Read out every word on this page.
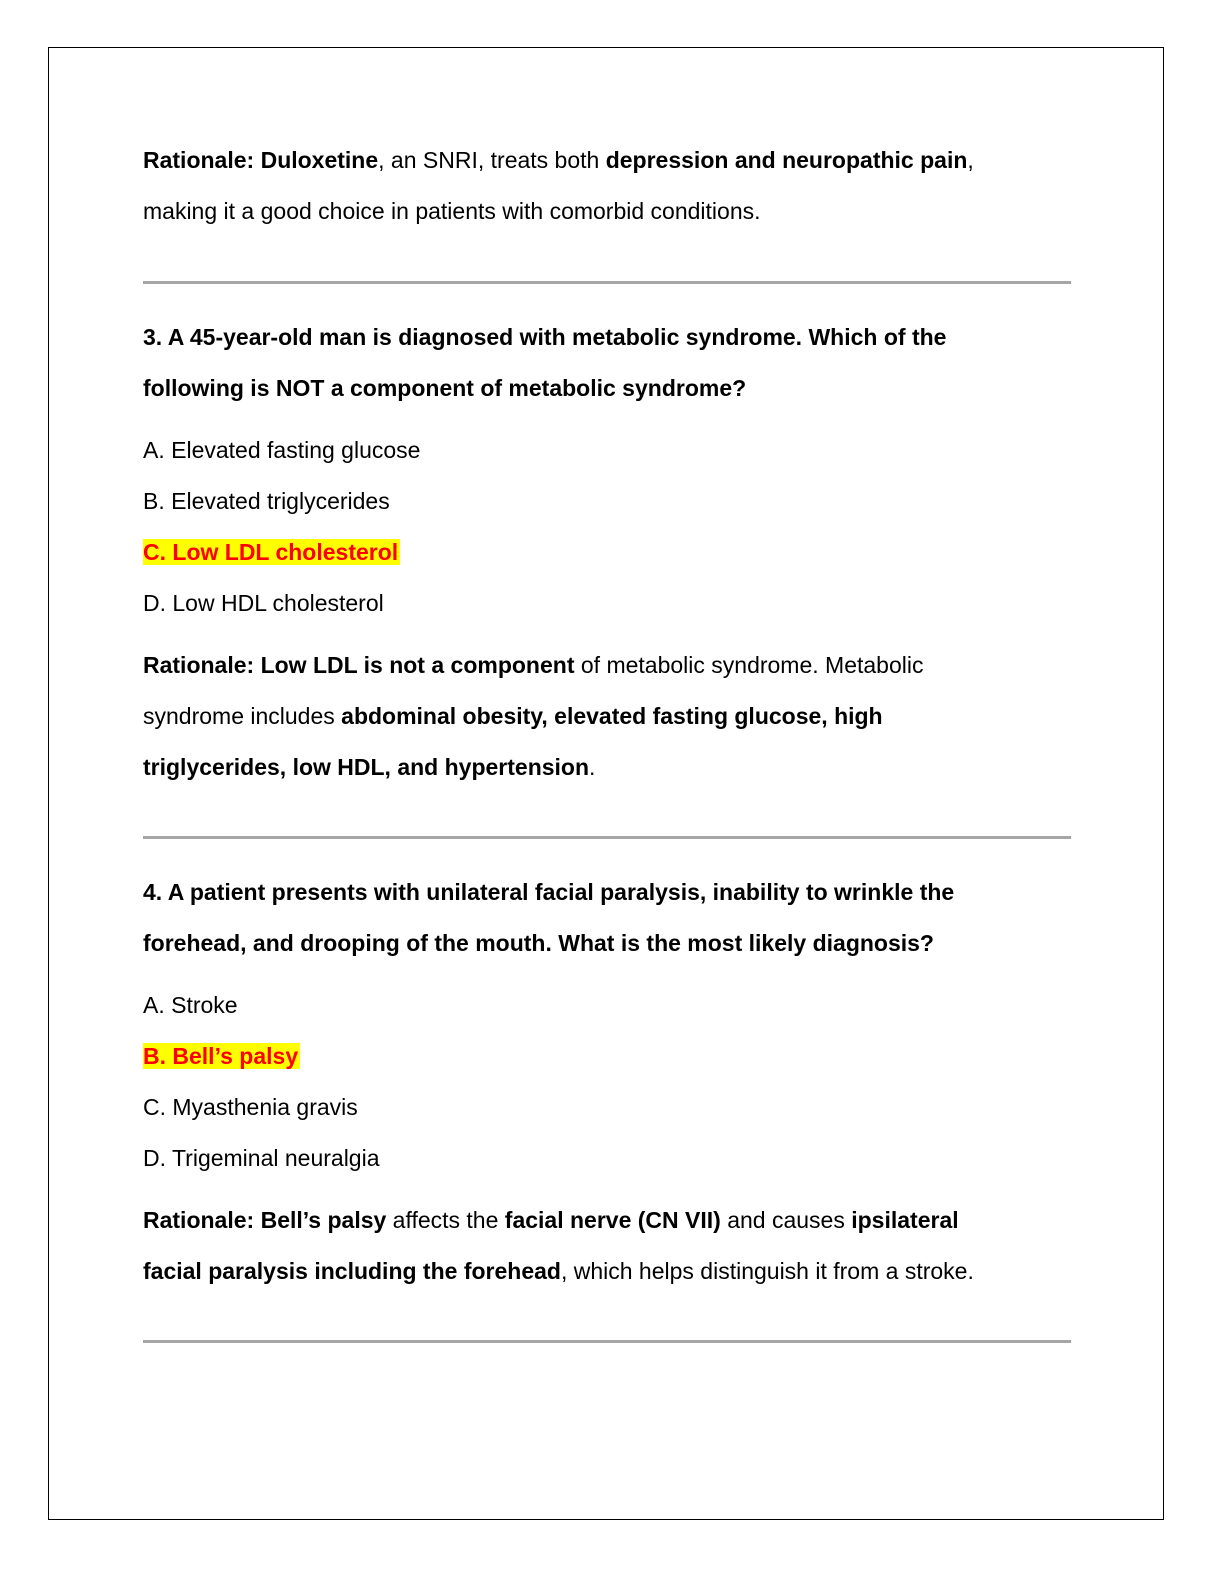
Rationale: Duloxetine, an SNRI, treats both depression and neuropathic pain,
making it a good choice in patients with comorbid conditions.
3. A 45-year-old man is diagnosed with metabolic syndrome. Which of the
following is NOT a component of metabolic syndrome?
A. Elevated fasting glucose
B. Elevated triglycerides
C. Low LDL cholesterol
D. Low HDL cholesterol
Rationale: Low LDL is not a component of metabolic syndrome. Metabolic
syndrome includes abdominal obesity, elevated fasting glucose, high
triglycerides, low HDL, and hypertension.
4. A patient presents with unilateral facial paralysis, inability to wrinkle the
forehead, and drooping of the mouth. What is the most likely diagnosis?
A. Stroke
B. Bell’s palsy
C. Myasthenia gravis
D. Trigeminal neuralgia
Rationale: Bell’s palsy affects the facial nerve (CN VII) and causes ipsilateral
facial paralysis including the forehead, which helps distinguish it from a stroke.
